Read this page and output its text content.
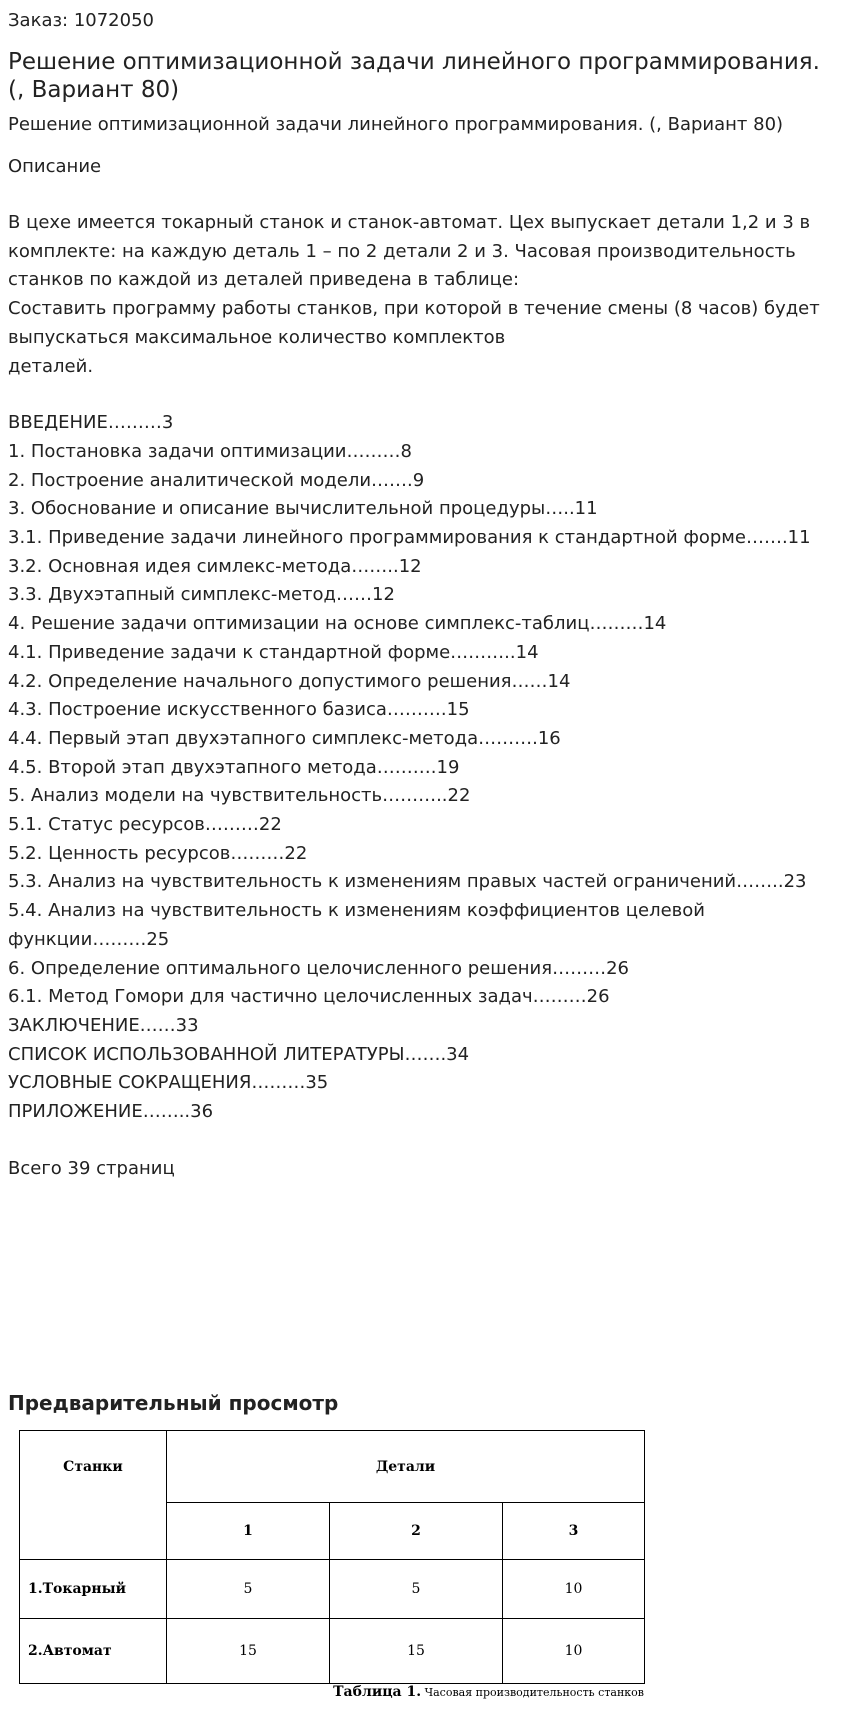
Заказ: 1072050
Решение оптимизационной задачи линейного программирования. (, Вариант 80)
Решение оптимизационной задачи линейного программирования. (, Вариант 80)
Описание
В цехе имеется токарный станок и станок-автомат. Цех выпускает детали 1,2 и 3 в комплекте: на каждую деталь 1 – по 2 детали 2 и 3. Часовая производительность станков по каждой из деталей приведена в таблице:
Составить программу работы станков, при которой в течение смены (8 часов) будет выпускаться максимальное количество комплектов
деталей.
ВВЕДЕНИЕ………3
1. Постановка задачи оптимизации………8
2. Построение аналитической модели…….9
3. Обоснование и описание вычислительной процедуры…..11
3.1. Приведение задачи линейного программирования к стандартной форме…….11
3.2. Основная идея симлекс-метода……..12
3.3. Двухэтапный симплекс-метод……12
4. Решение задачи оптимизации на основе симплекс-таблиц………14
4.1. Приведение задачи к стандартной форме………..14
4.2. Определение начального допустимого решения……14
4.3. Построение искусственного базиса……….15
4.4. Первый этап двухэтапного симплекс-метода……….16
4.5. Второй этап двухэтапного метода……….19
5. Анализ модели на чувствительность………..22
5.1. Статус ресурсов………22
5.2. Ценность ресурсов………22
5.3. Анализ на чувствительность к изменениям правых частей ограничений……..23
5.4. Анализ на чувствительность к изменениям коэффициентов целевой функции………25
6. Определение оптимального целочисленного решения………26
6.1. Метод Гомори для частично целочисленных задач………26
ЗАКЛЮЧЕНИЕ……33
СПИСОК ИСПОЛЬЗОВАННОЙ ЛИТЕРАТУРЫ…….34
УСЛОВНЫЕ СОКРАЩЕНИЯ………35
ПРИЛОЖЕНИЕ……..36
Всего 39 страниц
Предварительный просмотр
Станки	Детали		
	1	2	3
1.Токарный	5	5	10
2.Автомат	15	15	10
Таблица 1. Часовая производительность станков
